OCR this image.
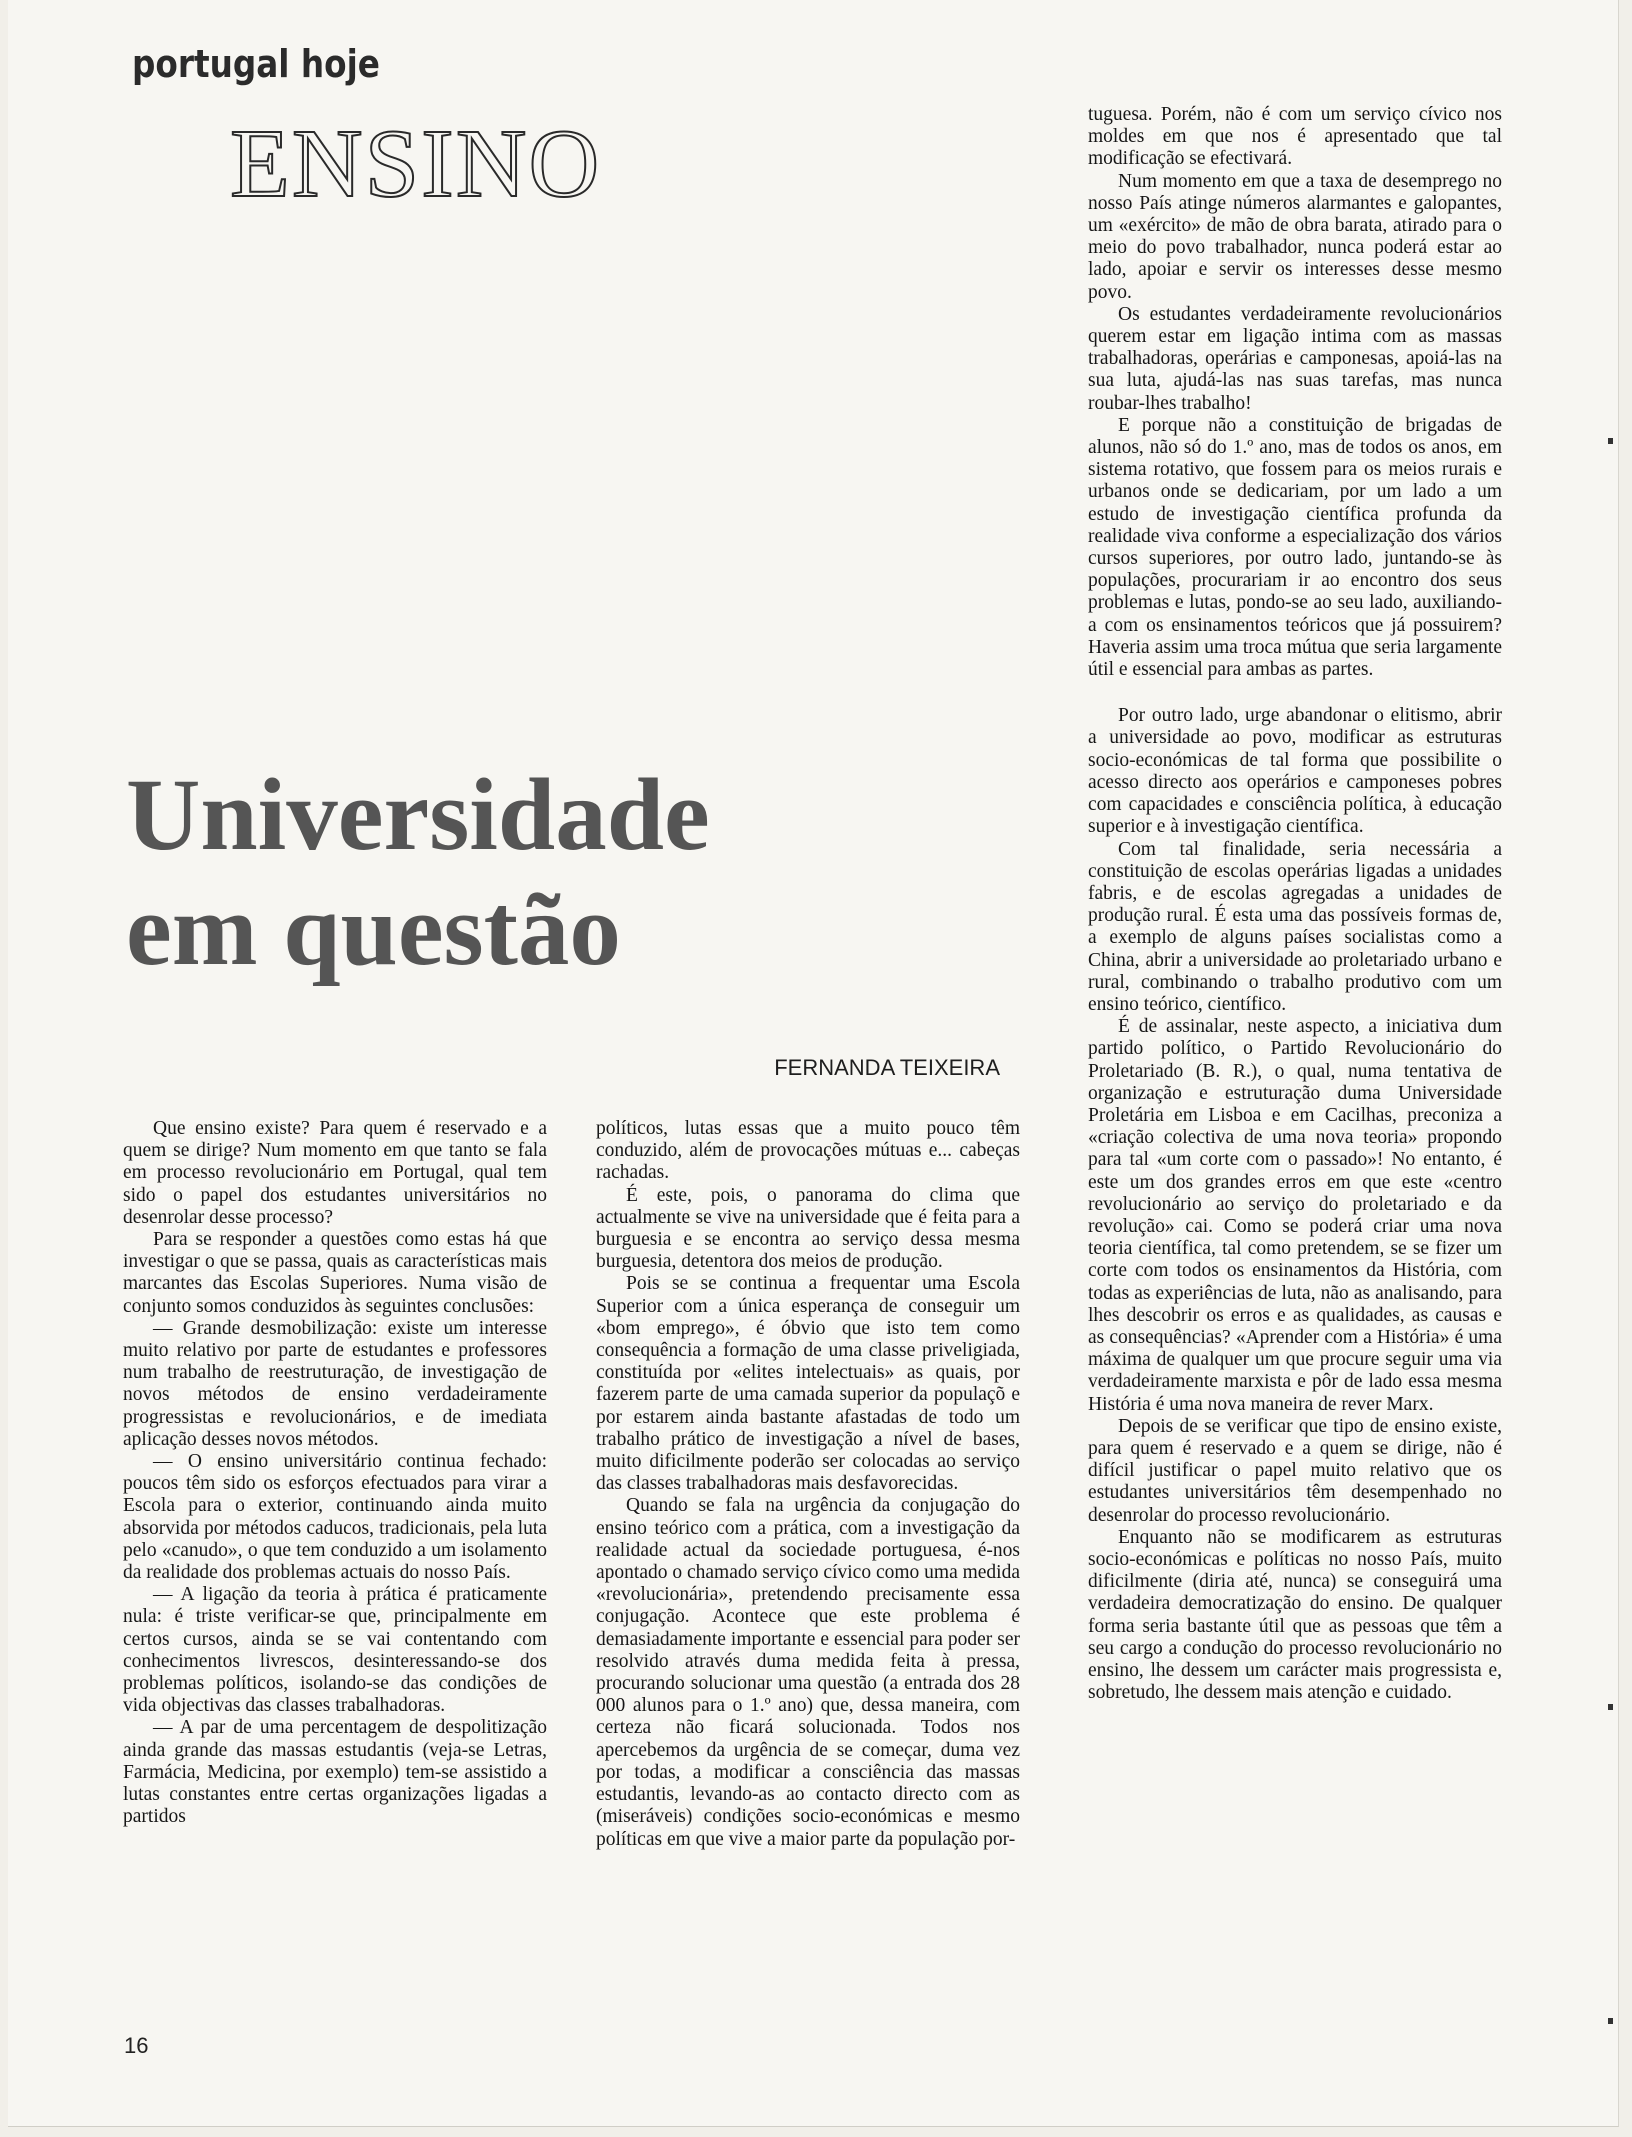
portugal hoje
ENSINO
Universidade
em questão
FERNANDA TEIXEIRA

Que ensino existe? Para quem é reservado e a quem se dirige? Num momento em que tanto se fala em processo revolucionário em Portugal, qual tem sido o papel dos estudantes universitários no desenrolar desse processo?

Para se responder a questões como estas há que investigar o que se passa, quais as características mais marcantes das Escolas Superiores. Numa visão de conjunto somos conduzidos às seguintes conclusões:

— Grande desmobilização: existe um interesse muito relativo por parte de estudantes e professores num trabalho de reestruturação, de investigação de novos métodos de ensino verdadeiramente progressistas e revolucionários, e de imediata aplicação desses novos métodos.

— O ensino universitário continua fechado: poucos têm sido os esforços efectuados para virar a Escola para o exterior, continuando ainda muito absorvida por métodos caducos, tradicionais, pela luta pelo «canudo», o que tem conduzido a um isolamento da realidade dos problemas actuais do nosso País.

— A ligação da teoria à prática é praticamente nula: é triste verificar-se que, principalmente em certos cursos, ainda se se vai contentando com conhecimentos livrescos, desinteressando-se dos problemas políticos, isolando-se das condições de vida objectivas das classes trabalhadoras.

— A par de uma percentagem de despolitização ainda grande das massas estudantis (veja-se Letras, Farmácia, Medicina, por exemplo) tem-se assistido a lutas constantes entre certas organizações ligadas a partidos

políticos, lutas essas que a muito pouco têm conduzido, além de provocações mútuas e... cabeças rachadas.

É este, pois, o panorama do clima que actualmente se vive na universidade que é feita para a burguesia e se encontra ao serviço dessa mesma burguesia, detentora dos meios de produção.

Pois se se continua a frequentar uma Escola Superior com a única esperança de conseguir um «bom emprego», é óbvio que isto tem como consequência a formação de uma classe priveligiada, constituída por «elites intelectuais» as quais, por fazerem parte de uma camada superior da populaçõ e por estarem ainda bastante afastadas de todo um trabalho prático de investigação a nível de bases, muito dificilmente poderão ser colocadas ao serviço das classes trabalhadoras mais desfavorecidas.

Quando se fala na urgência da conjugação do ensino teórico com a prática, com a investigação da realidade actual da sociedade portuguesa, é-nos apontado o chamado serviço cívico como uma medida «revolucionária», pretendendo precisamente essa conjugação. Acontece que este problema é demasiadamente importante e essencial para poder ser resolvido através duma medida feita à pressa, procurando solucionar uma questão (a entrada dos 28 000 alunos para o 1.º ano) que, dessa maneira, com certeza não ficará solucionada. Todos nos apercebemos da urgência de se começar, duma vez por todas, a modificar a consciência das massas estudantis, levando-as ao contacto directo com as (miseráveis) condições socio-económicas e mesmo políticas em que vive a maior parte da população por-

tuguesa. Porém, não é com um serviço cívico nos moldes em que nos é apresentado que tal modificação se efectivará.

Num momento em que a taxa de desemprego no nosso País atinge números alarmantes e galopantes, um «exército» de mão de obra barata, atirado para o meio do povo trabalhador, nunca poderá estar ao lado, apoiar e servir os interesses desse mesmo povo.

Os estudantes verdadeiramente revolucionários querem estar em ligação intima com as massas trabalhadoras, operárias e camponesas, apoiá-las na sua luta, ajudá-las nas suas tarefas, mas nunca roubar-lhes trabalho!

E porque não a constituição de brigadas de alunos, não só do 1.º ano, mas de todos os anos, em sistema rotativo, que fossem para os meios rurais e urbanos onde se dedicariam, por um lado a um estudo de investigação científica profunda da realidade viva conforme a especialização dos vários cursos superiores, por outro lado, juntando-se às populações, procurariam ir ao encontro dos seus problemas e lutas, pondo-se ao seu lado, auxiliando-a com os ensinamentos teóricos que já possuirem? Haveria assim uma troca mútua que seria largamente útil e essencial para ambas as partes.

Por outro lado, urge abandonar o elitismo, abrir a universidade ao povo, modificar as estruturas socio-económicas de tal forma que possibilite o acesso directo aos operários e camponeses pobres com capacidades e consciência política, à educação superior e à investigação científica.

Com tal finalidade, seria necessária a constituição de escolas operárias ligadas a unidades fabris, e de escolas agregadas a unidades de produção rural. É esta uma das possíveis formas de, a exemplo de alguns países socialistas como a China, abrir a universidade ao proletariado urbano e rural, combinando o trabalho produtivo com um ensino teórico, científico.

É de assinalar, neste aspecto, a iniciativa dum partido político, o Partido Revolucionário do Proletariado (B. R.), o qual, numa tentativa de organização e estruturação duma Universidade Proletária em Lisboa e em Cacilhas, preconiza a «criação colectiva de uma nova teoria» propondo para tal «um corte com o passado»! No entanto, é este um dos grandes erros em que este «centro revolucionário ao serviço do proletariado e da revolução» cai. Como se poderá criar uma nova teoria científica, tal como pretendem, se se fizer um corte com todos os ensinamentos da História, com todas as experiências de luta, não as analisando, para lhes descobrir os erros e as qualidades, as causas e as consequências? «Aprender com a História» é uma máxima de qualquer um que procure seguir uma via verdadeiramente marxista e pôr de lado essa mesma História é uma nova maneira de rever Marx.

Depois de se verificar que tipo de ensino existe, para quem é reservado e a quem se dirige, não é difícil justificar o papel muito relativo que os estudantes universitários têm desempenhado no desenrolar do processo revolucionário.

Enquanto não se modificarem as estruturas socio-económicas e políticas no nosso País, muito dificilmente (diria até, nunca) se conseguirá uma verdadeira democratização do ensino. De qualquer forma seria bastante útil que as pessoas que têm a seu cargo a condução do processo revolucionário no ensino, lhe dessem um carácter mais progressista e, sobretudo, lhe dessem mais atenção e cuidado.

16
